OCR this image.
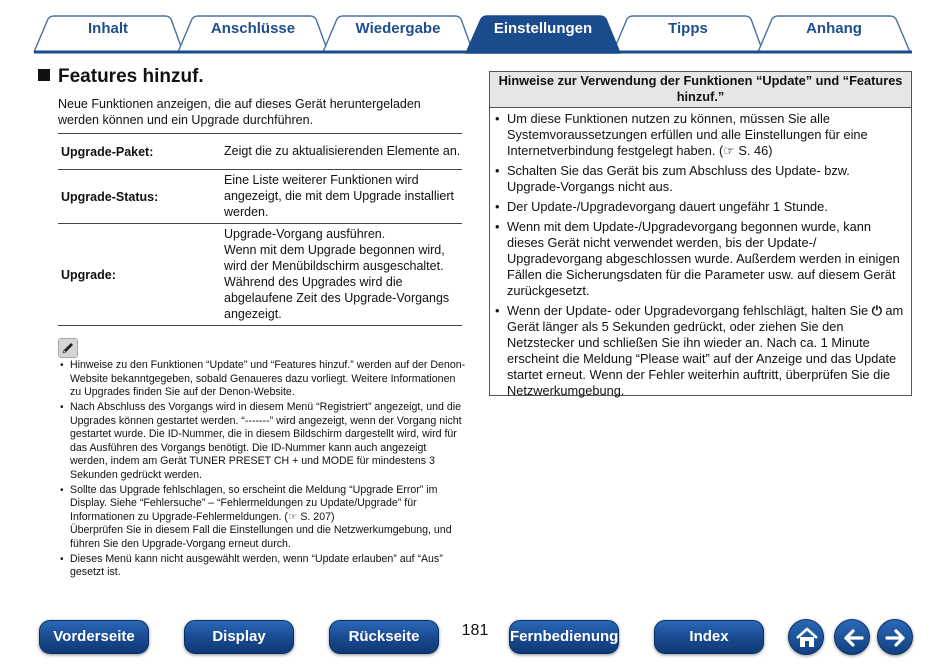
Inhalt	Anschlüsse	Wiedergabe	Einstellungen	Tipps	Anhang
Features hinzuf.
Neue Funktionen anzeigen, die auf dieses Gerät heruntergeladen werden können und ein Upgrade durchführen.
Upgrade-Paket:	Zeigt die zu aktualisierenden Elemente an.
Upgrade-Status:	Eine Liste weiterer Funktionen wird angezeigt, die mit dem Upgrade installiert werden.
Upgrade:	Upgrade-Vorgang ausführen.
Wenn mit dem Upgrade begonnen wird, wird der Menübildschirm ausgeschaltet. Während des Upgrades wird die abgelaufene Zeit des Upgrade-Vorgangs angezeigt.
• Hinweise zu den Funktionen “Update” und “Features hinzuf.” werden auf der Denon-Website bekanntgegeben, sobald Genaueres dazu vorliegt. Weitere Informationen zu Upgrades finden Sie auf der Denon-Website.
• Nach Abschluss des Vorgangs wird in diesem Menü “Registriert” angezeigt, und die Upgrades können gestartet werden. “-------” wird angezeigt, wenn der Vorgang nicht gestartet wurde. Die ID-Nummer, die in diesem Bildschirm dargestellt wird, wird für das Ausführen des Vorgangs benötigt. Die ID-Nummer kann auch angezeigt werden, indem am Gerät TUNER PRESET CH + und MODE für mindestens 3 Sekunden gedrückt werden.
• Sollte das Upgrade fehlschlagen, so erscheint die Meldung “Upgrade Error” im Display. Siehe “Fehlersuche” – “Fehlermeldungen zu Update/Upgrade” für Informationen zu Upgrade-Fehlermeldungen. (☞ S. 207)
Überprüfen Sie in diesem Fall die Einstellungen und die Netzwerkumgebung, und führen Sie den Upgrade-Vorgang erneut durch.
• Dieses Menü kann nicht ausgewählt werden, wenn “Update erlauben” auf “Aus” gesetzt ist.
Hinweise zur Verwendung der Funktionen “Update” und “Features hinzuf.”
• Um diese Funktionen nutzen zu können, müssen Sie alle Systemvoraussetzungen erfüllen und alle Einstellungen für eine Internetverbindung festgelegt haben. (☞ S. 46)
• Schalten Sie das Gerät bis zum Abschluss des Update- bzw. Upgrade-Vorgangs nicht aus.
• Der Update-/Upgradevorgang dauert ungefähr 1 Stunde.
• Wenn mit dem Update-/Upgradevorgang begonnen wurde, kann dieses Gerät nicht verwendet werden, bis der Update-/ Upgradevorgang abgeschlossen wurde. Außerdem werden in einigen Fällen die Sicherungsdaten für die Parameter usw. auf diesem Gerät zurückgesetzt.
• Wenn der Update- oder Upgradevorgang fehlschlägt, halten Sie ⏻ am Gerät länger als 5 Sekunden gedrückt, oder ziehen Sie den Netzstecker und schließen Sie ihn wieder an. Nach ca. 1 Minute erscheint die Meldung “Please wait” auf der Anzeige und das Update startet erneut. Wenn der Fehler weiterhin auftritt, überprüfen Sie die Netzwerkumgebung.
Vorderseite	Display	Rückseite	181	Fernbedienung	Index
